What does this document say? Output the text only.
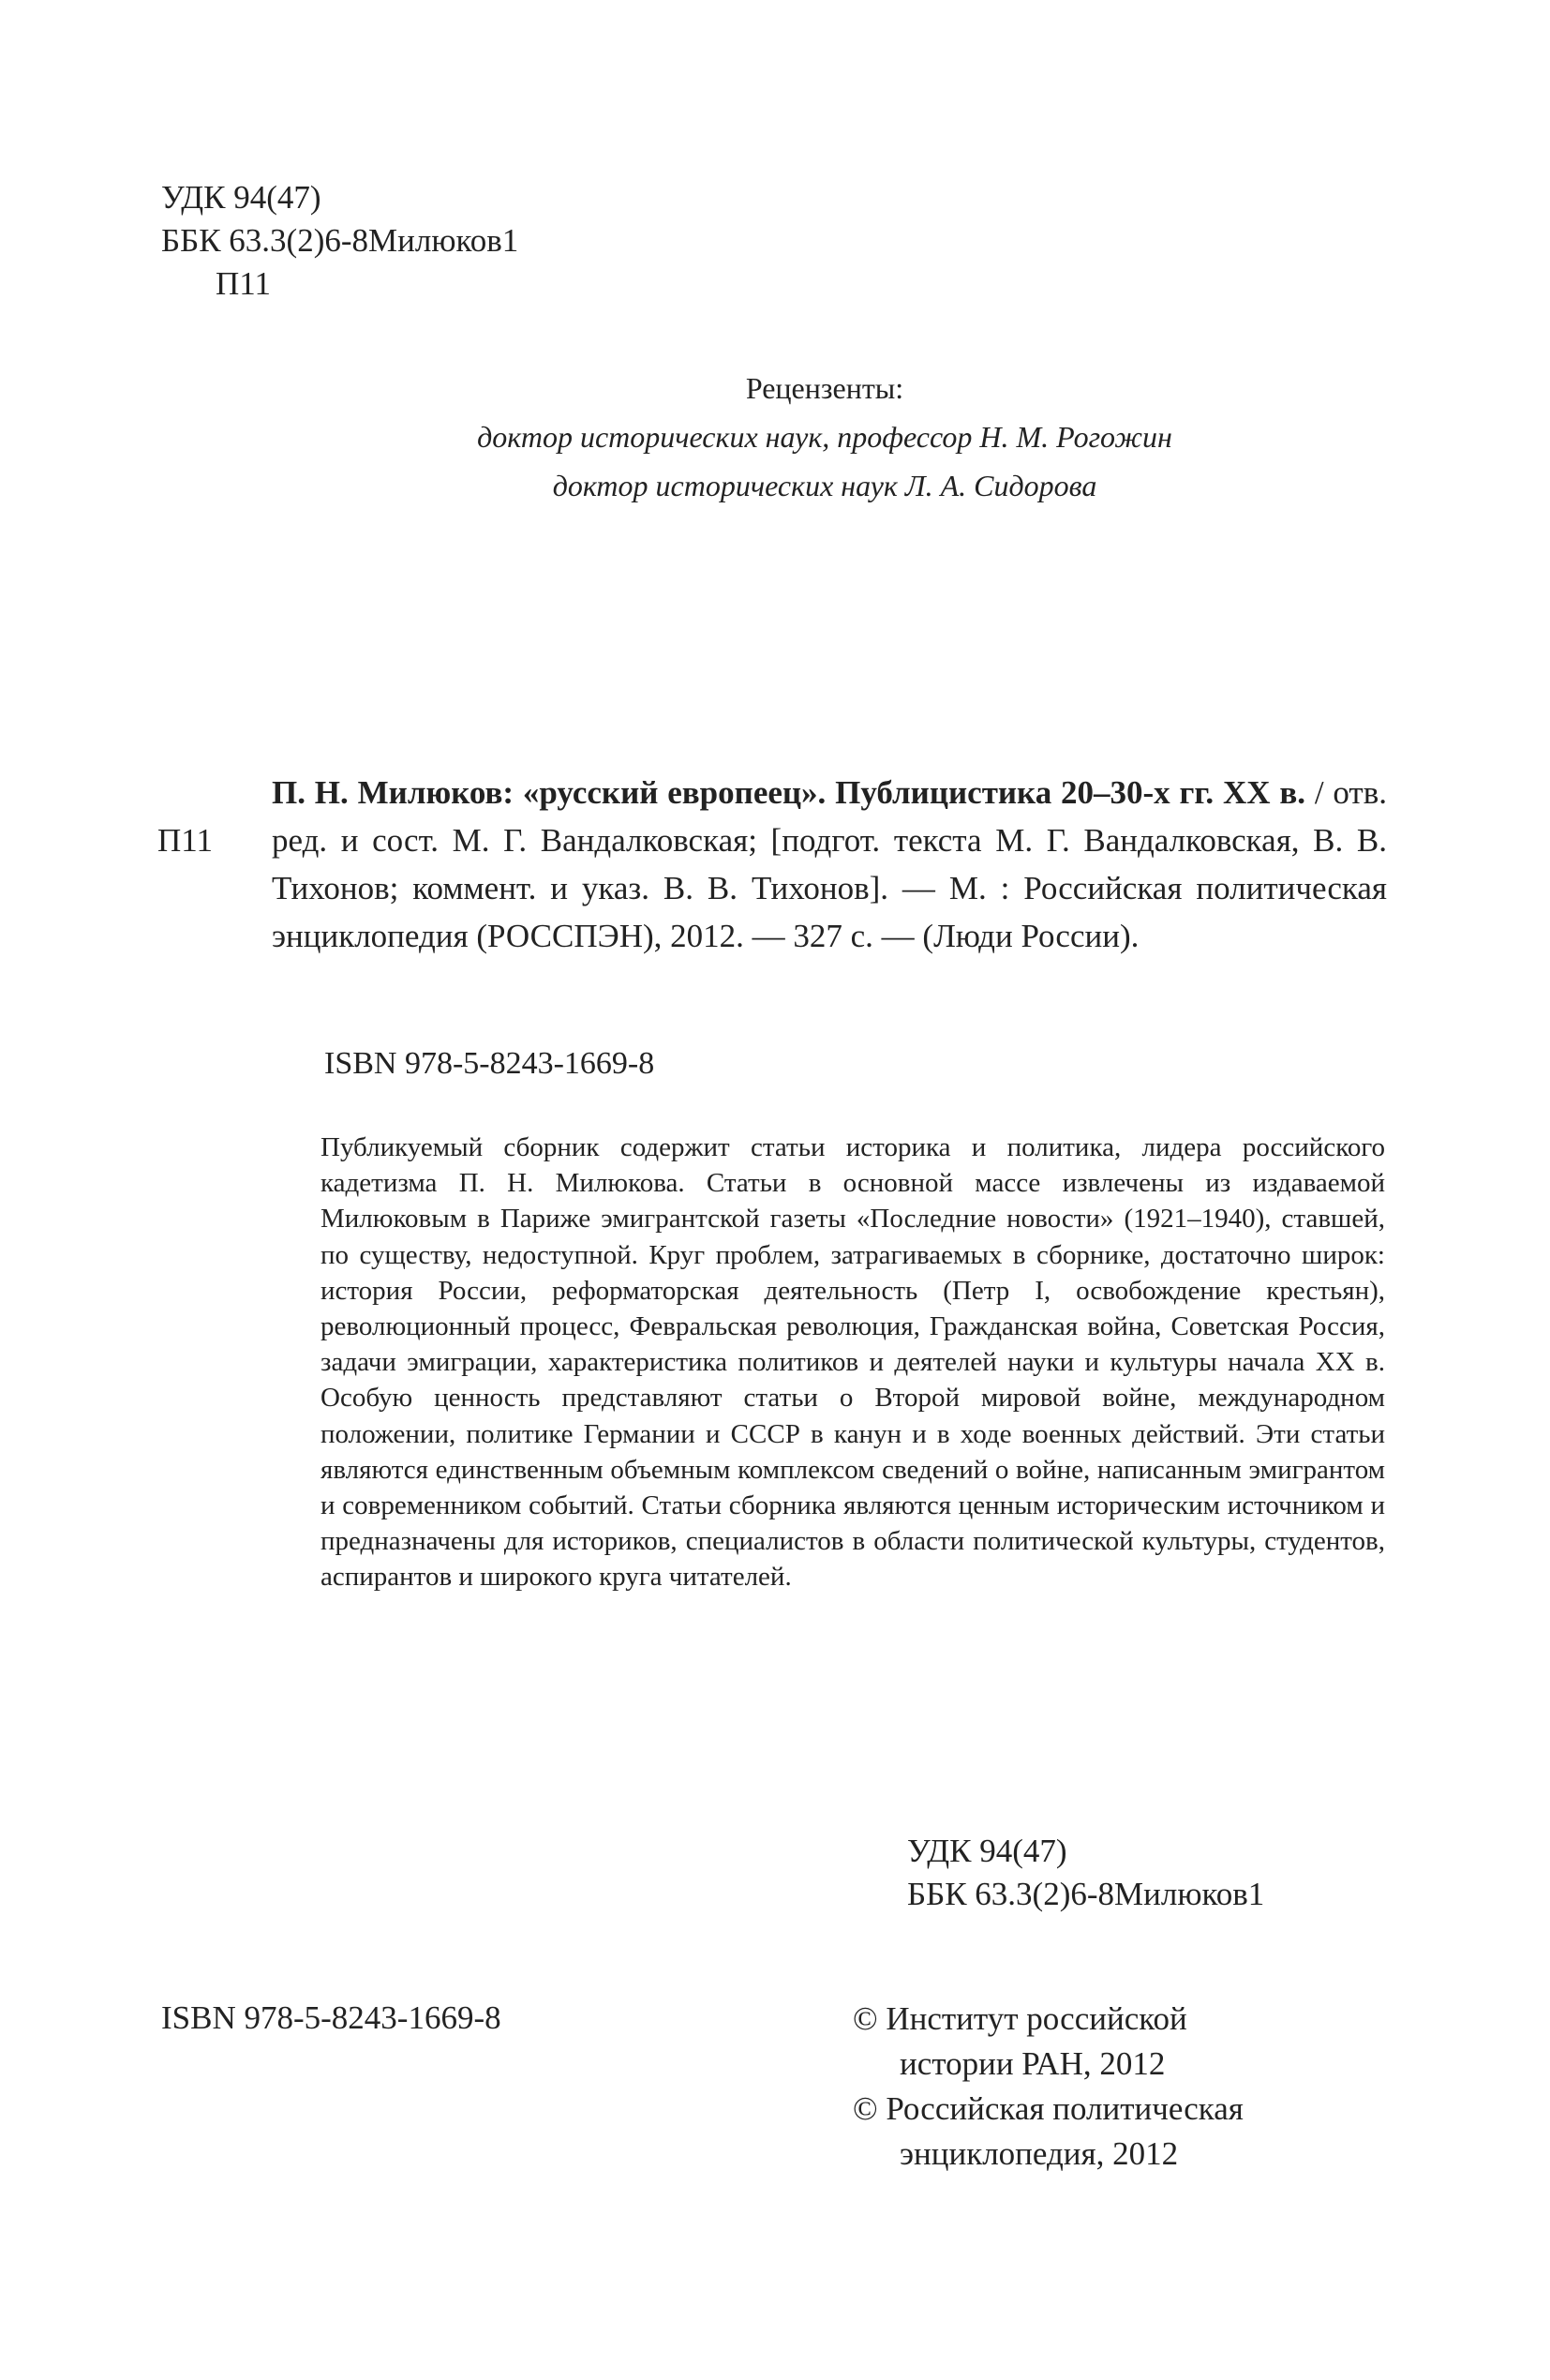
УДК 94(47)
ББК 63.3(2)6-8Милюков1
П11
Рецензенты:
доктор исторических наук, профессор Н. М. Рогожин
доктор исторических наук Л. А. Сидорова
П11

П. Н. Милюков: «русский европеец». Публицистика 20–30-х гг. XX в. / отв. ред. и сост. М. Г. Вандалковская; [подгот. текста М. Г. Вандалковская, В. В. Тихонов; коммент. и указ. В. В. Тихонов]. — М. : Российская политическая энциклопедия (РОССПЭН), 2012. — 327 с. — (Люди России).

ISBN 978-5-8243-1669-8

Публикуемый сборник содержит статьи историка и политика, лидера российского кадетизма П. Н. Милюкова. Статьи в основной массе извлечены из издаваемой Милюковым в Париже эмигрантской газеты «Последние новости» (1921–1940), ставшей, по существу, недоступной. Круг проблем, затрагиваемых в сборнике, достаточно широк: история России, реформаторская деятельность (Петр I, освобождение крестьян), революционный процесс, Февральская революция, Гражданская война, Советская Россия, задачи эмиграции, характеристика политиков и деятелей науки и культуры начала XX в. Особую ценность представляют статьи о Второй мировой войне, международном положении, политике Германии и СССР в канун и в ходе военных действий. Эти статьи являются единственным объемным комплексом сведений о войне, написанным эмигрантом и современником событий. Статьи сборника являются ценным историческим источником и предназначены для историков, специалистов в области политической культуры, студентов, аспирантов и широкого круга читателей.

УДК 94(47)
ББК 63.3(2)6-8Милюков1
ISBN 978-5-8243-1669-8	© Институт российской
истории РАН, 2012
© Российская политическая
энциклопедия, 2012
